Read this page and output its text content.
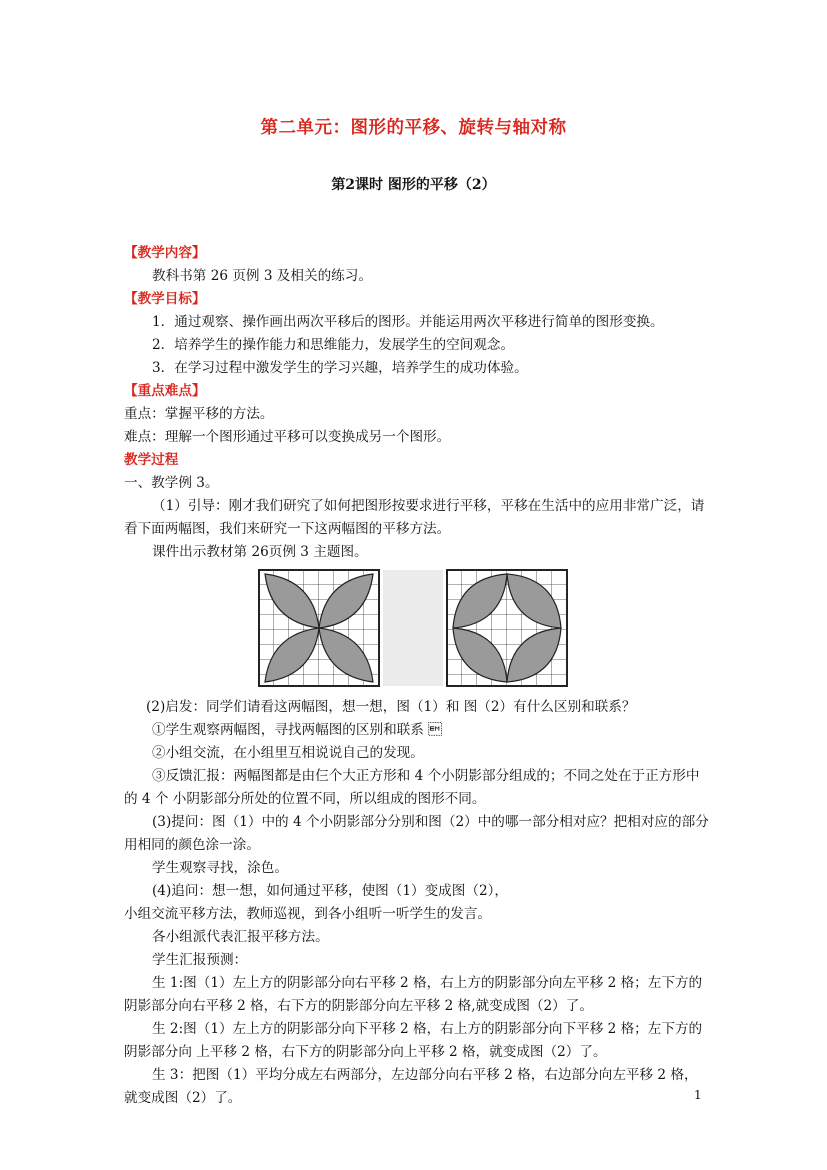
第二单元：图形的平移、旋转与轴对称
第2课时 图形的平移（2）

【教学内容】

教科书第 26 页例 3 及相关的练习。

【教学目标】

1．通过观察、操作画出两次平移后的图形。并能运用两次平移进行简单的图形变换。

2．培养学生的操作能力和思维能力，发展学生的空间观念。

3．在学习过程中激发学生的学习兴趣，培养学生的成功体验。

【重点难点】

重点：掌握平移的方法。

难点：理解一个图形通过平移可以变换成另一个图形。

教学过程

一、教学例 3。

（1）引导：刚才我们研究了如何把图形按要求进行平移，平移在生活中的应用非常广泛，请看下面两幅图，我们来研究一下这两幅图的平移方法。

课件出示教材第 26页例 3 主题图。

(2)启发：同学们请看这两幅图，想一想，图（1）和 图（2）有什么区别和联系？

①学生观察两幅图，寻找两幅图的区别和联系 

②小组交流，在小组里互相说说自己的发现。

③反馈汇报：两幅图都是由仨个大正方形和 4 个小阴影部分组成的；不同之处在于正方形中的 4 个 小阴影部分所处的位置不同，所以组成的图形不同。

(3)提问：图（1）中的 4 个小阴影部分分别和图（2）中的哪一部分相对应？把相对应的部分用相同的颜色涂一涂。

学生观察寻找，涂色。

(4)追问：想一想，如何通过平移，使图（1）变成图（2），

小组交流平移方法，教师巡视，到各小组听一听学生的发言。

各小组派代表汇报平移方法。

学生汇报预测：

生 1:图（1）左上方的阴影部分向右平移 2 格，右上方的阴影部分向左平移 2 格；左下方的阴影部分向右平移 2 格，右下方的阴影部分向左平移 2 格,就变成图（2）了。

生 2:图（1）左上方的阴影部分向下平移 2 格，右上方的阴影部分向下平移 2 格；左下方的阴影部分向 上平移 2 格，右下方的阴影部分向上平移 2 格，就变成图（2）了。

生 3：把图（1）平均分成左右两部分，左边部分向右平移 2 格，右边部分向左平移 2 格，就变成图（2）了。	1
